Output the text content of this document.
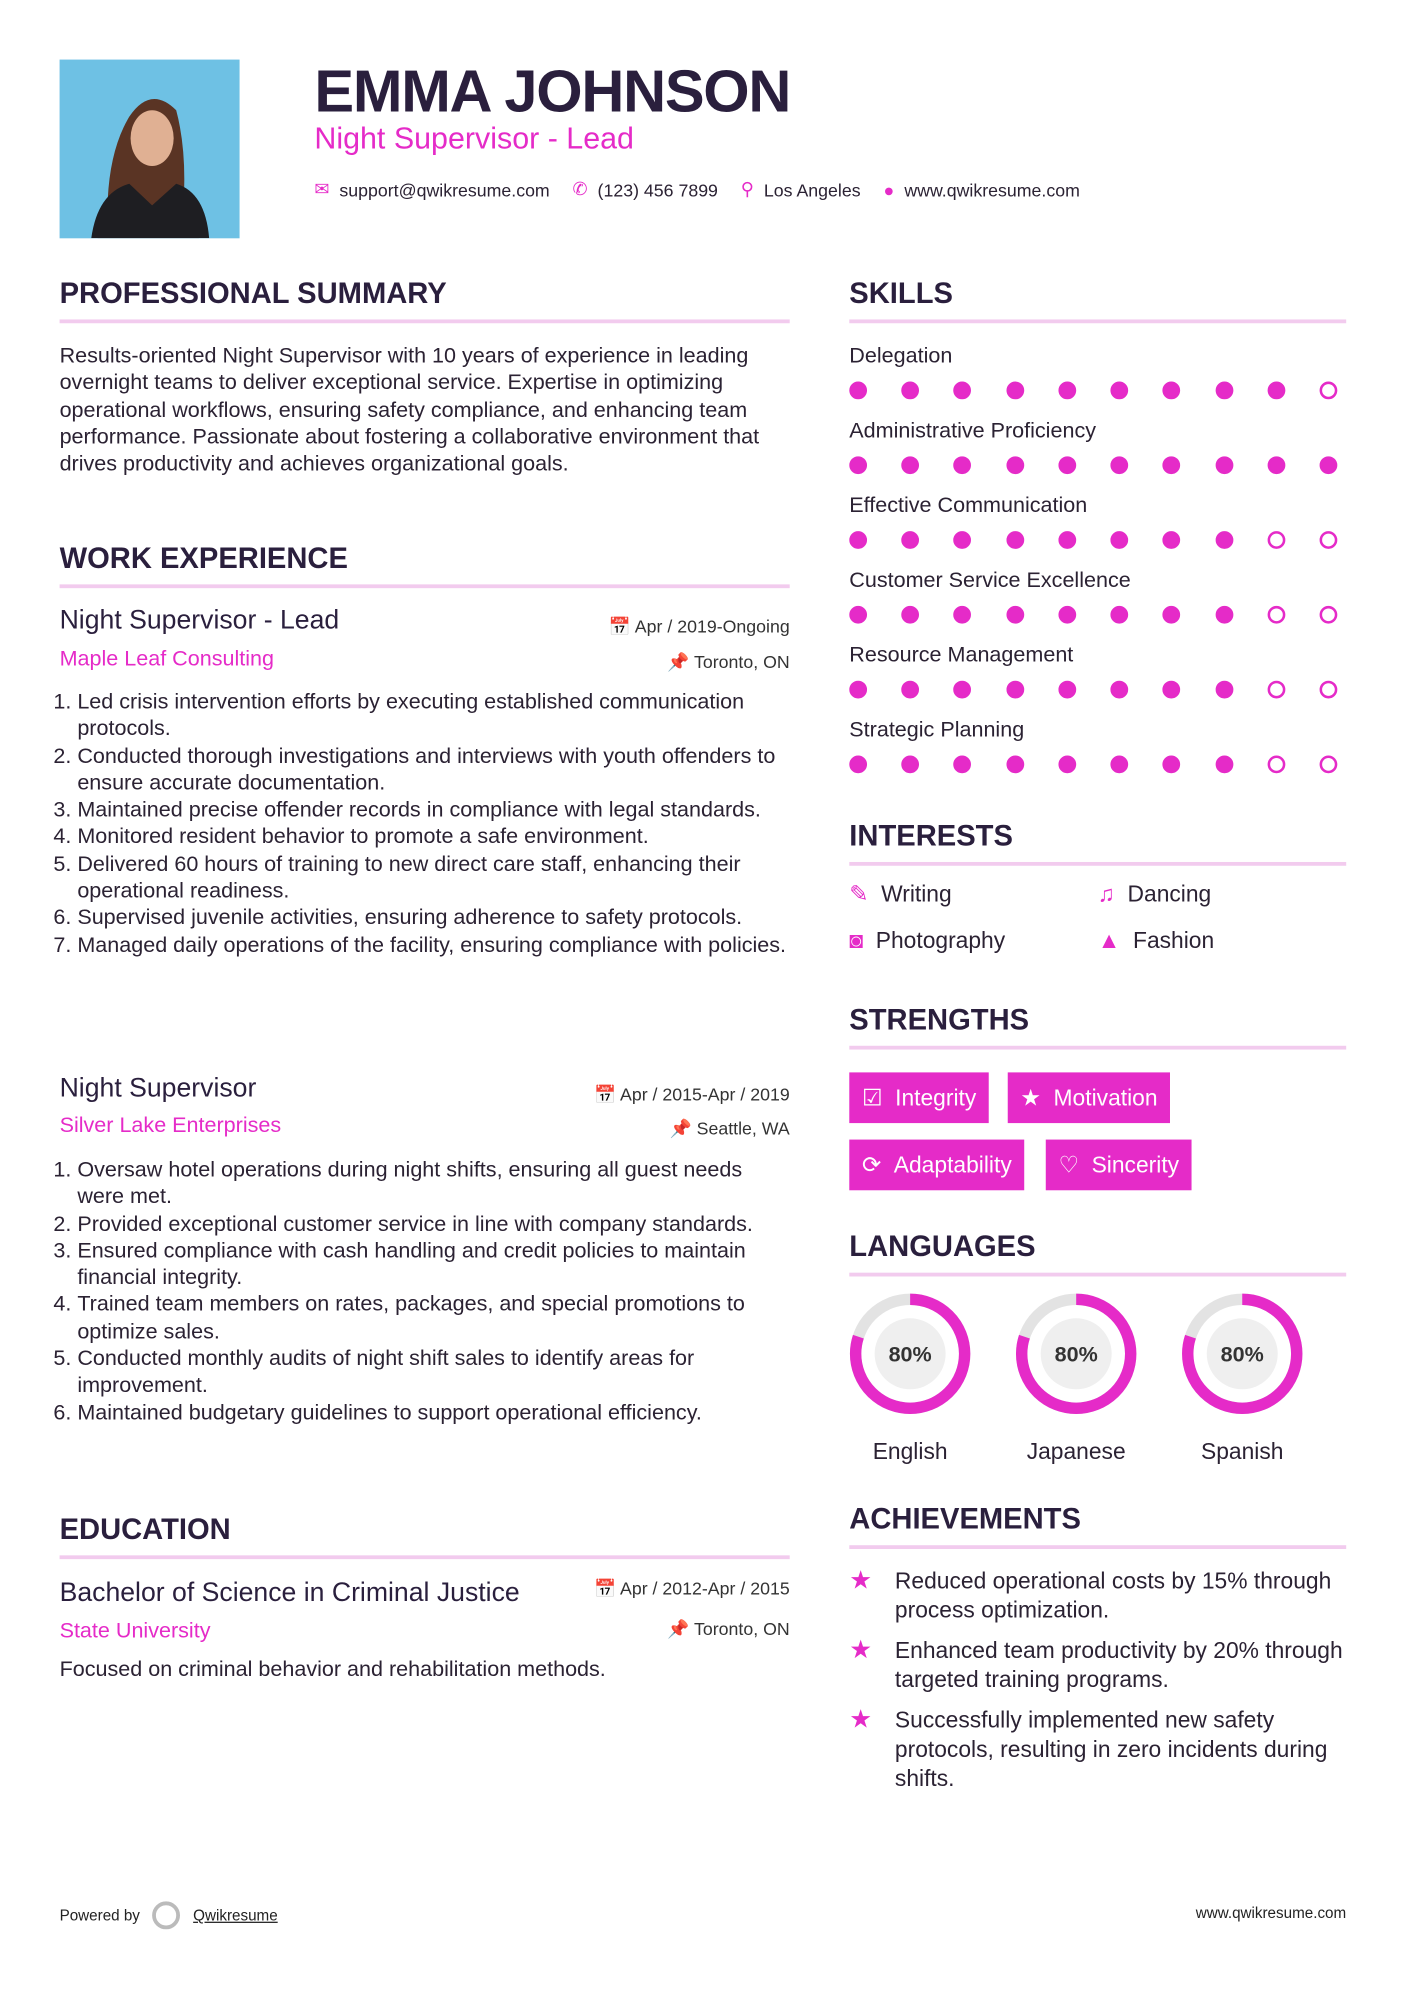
EMMA JOHNSON
Night Supervisor - Lead
✉ support@qwikresume.com ✆ (123) 456 7899 ⚲ Los Angeles ● www.qwikresume.com
PROFESSIONAL SUMMARY
Results-oriented Night Supervisor with 10 years of experience in leading overnight teams to deliver exceptional service. Expertise in optimizing operational workflows, ensuring safety compliance, and enhancing team performance. Passionate about fostering a collaborative environment that drives productivity and achieves organizational goals.
WORK EXPERIENCE
Night Supervisor - Lead	📅 Apr / 2019-Ongoing
Maple Leaf Consulting	📌 Toronto, ON
1. Led crisis intervention efforts by executing established communication protocols.
2. Conducted thorough investigations and interviews with youth offenders to ensure accurate documentation.
3. Maintained precise offender records in compliance with legal standards.
4. Monitored resident behavior to promote a safe environment.
5. Delivered 60 hours of training to new direct care staff, enhancing their operational readiness.
6. Supervised juvenile activities, ensuring adherence to safety protocols.
7. Managed daily operations of the facility, ensuring compliance with policies.
Night Supervisor	📅 Apr / 2015-Apr / 2019
Silver Lake Enterprises	📌 Seattle, WA
1. Oversaw hotel operations during night shifts, ensuring all guest needs were met.
2. Provided exceptional customer service in line with company standards.
3. Ensured compliance with cash handling and credit policies to maintain financial integrity.
4. Trained team members on rates, packages, and special promotions to optimize sales.
5. Conducted monthly audits of night shift sales to identify areas for improvement.
6. Maintained budgetary guidelines to support operational efficiency.
EDUCATION
Bachelor of Science in Criminal Justice	📅 Apr / 2012-Apr / 2015
State University	📌 Toronto, ON
Focused on criminal behavior and rehabilitation methods.
SKILLS
Delegation
Administrative Proficiency
Effective Communication
Customer Service Excellence
Resource Management
Strategic Planning
INTERESTS
✎ Writing	♫ Dancing
◙ Photography	▲ Fashion
STRENGTHS
☑ Integrity ★ Motivation
⟳ Adaptability	♡ Sincerity
LANGUAGES
80%
English
80%
Japanese
80%
Spanish
ACHIEVEMENTS
★	Reduced operational costs by 15% through process optimization.
★	Enhanced team productivity by 20% through targeted training programs.
★	Successfully implemented new safety protocols, resulting in zero incidents during shifts.
Powered by	Qwikresume	www.qwikresume.com
